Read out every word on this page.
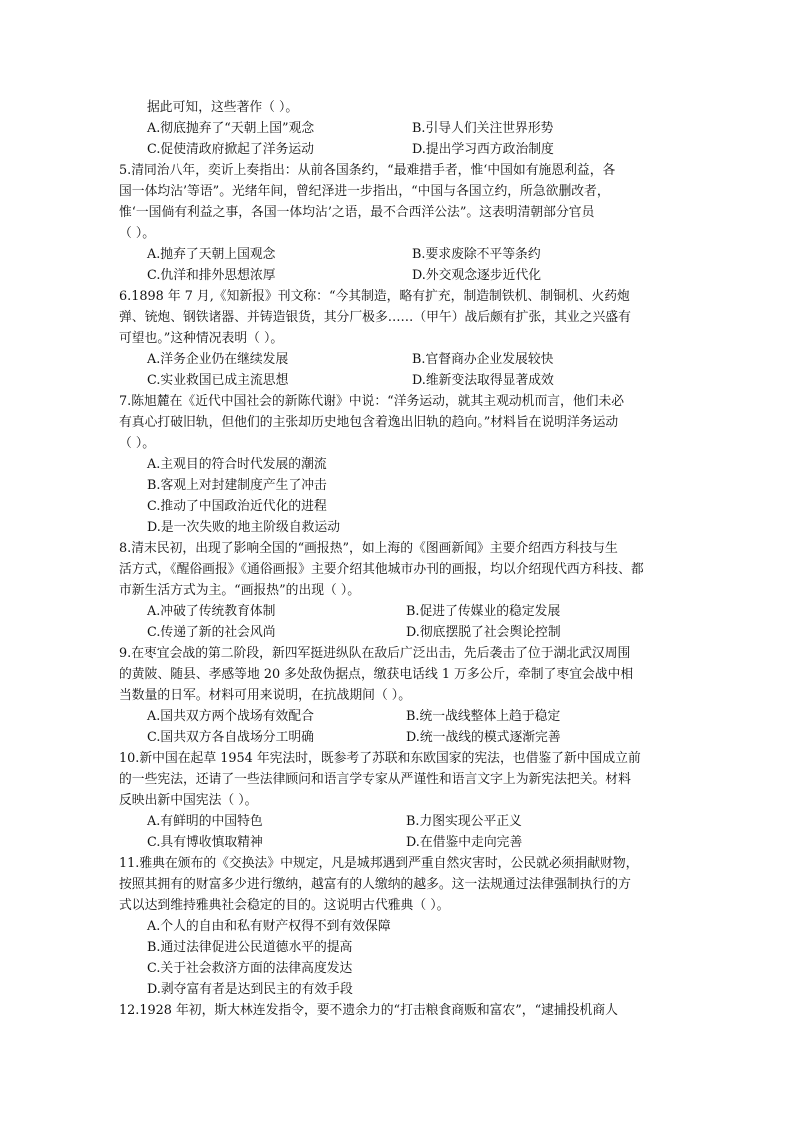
据此可知，这些著作（ ）。
A.彻底抛弃了“天朝上国”观念	B.引导人们关注世界形势
C.促使清政府掀起了洋务运动	D.提出学习西方政治制度
5.清同治八年，奕䜣上奏指出：从前各国条约，“最难措手者，惟‘中国如有施恩利益，各
国一体均沾’等语”。光绪年间，曾纪泽进一步指出，“中国与各国立约，所急欲删改者，
惟‘一国倘有利益之事，各国一体均沾’之语，最不合西洋公法”。这表明清朝部分官员
（ ）。
A.抛弃了天朝上国观念	B.要求废除不平等条约
C.仇洋和排外思想浓厚	D.外交观念逐步近代化
6.1898 年 7 月,《知新报》刊文称：“今其制造，略有扩充，制造制铁机、制铜机、火药炮
弹、铳炮、钢铁诸器、并铸造银货，其分厂极多……（甲午）战后颇有扩张，其业之兴盛有
可望也。”这种情况表明（ ）。
A.洋务企业仍在继续发展	B.官督商办企业发展较快
C.实业救国已成主流思想	D.维新变法取得显著成效
7.陈旭麓在《近代中国社会的新陈代谢》中说：“洋务运动，就其主观动机而言，他们未必
有真心打破旧轨，但他们的主张却历史地包含着逸出旧轨的趋向。”材料旨在说明洋务运动
（ ）。
A.主观目的符合时代发展的潮流
B.客观上对封建制度产生了冲击
C.推动了中国政治近代化的进程
D.是一次失败的地主阶级自救运动
8.清末民初，出现了影响全国的“画报热”，如上海的《图画新闻》主要介绍西方科技与生
活方式，《醒俗画报》《通俗画报》主要介绍其他城市办刊的画报，均以介绍现代西方科技、都
市新生活方式为主。“画报热”的出现（ ）。
A.冲破了传统教育体制	B.促进了传媒业的稳定发展
C.传递了新的社会风尚	D.彻底摆脱了社会舆论控制
9.在枣宜会战的第二阶段，新四军挺进纵队在敌后广泛出击，先后袭击了位于湖北武汉周围
的黄陂、随县、孝感等地 20 多处敌伪据点，缴获电话线 1 万多公斤，牵制了枣宜会战中相
当数量的日军。材料可用来说明，在抗战期间（ ）。
A.国共双方两个战场有效配合	B.统一战线整体上趋于稳定
C.国共双方各自战场分工明确	D.统一战线的模式逐渐完善
10.新中国在起草 1954 年宪法时，既参考了苏联和东欧国家的宪法，也借鉴了新中国成立前
的一些宪法，还请了一些法律顾问和语言学专家从严谨性和语言文字上为新宪法把关。材料
反映出新中国宪法（ ）。
A.有鲜明的中国特色	B.力图实现公平正义
C.具有博收慎取精神	D.在借鉴中走向完善
11.雅典在颁布的《交换法》中规定，凡是城邦遇到严重自然灾害时，公民就必须捐献财物，
按照其拥有的财富多少进行缴纳，越富有的人缴纳的越多。这一法规通过法律强制执行的方
式以达到维持雅典社会稳定的目的。这说明古代雅典（ ）。
A.个人的自由和私有财产权得不到有效保障
B.通过法律促进公民道德水平的提高
C.关于社会救济方面的法律高度发达
D.剥夺富有者是达到民主的有效手段
12.1928 年初，斯大林连发指令，要不遗余力的“打击粮食商贩和富农”，“逮捕投机商人
